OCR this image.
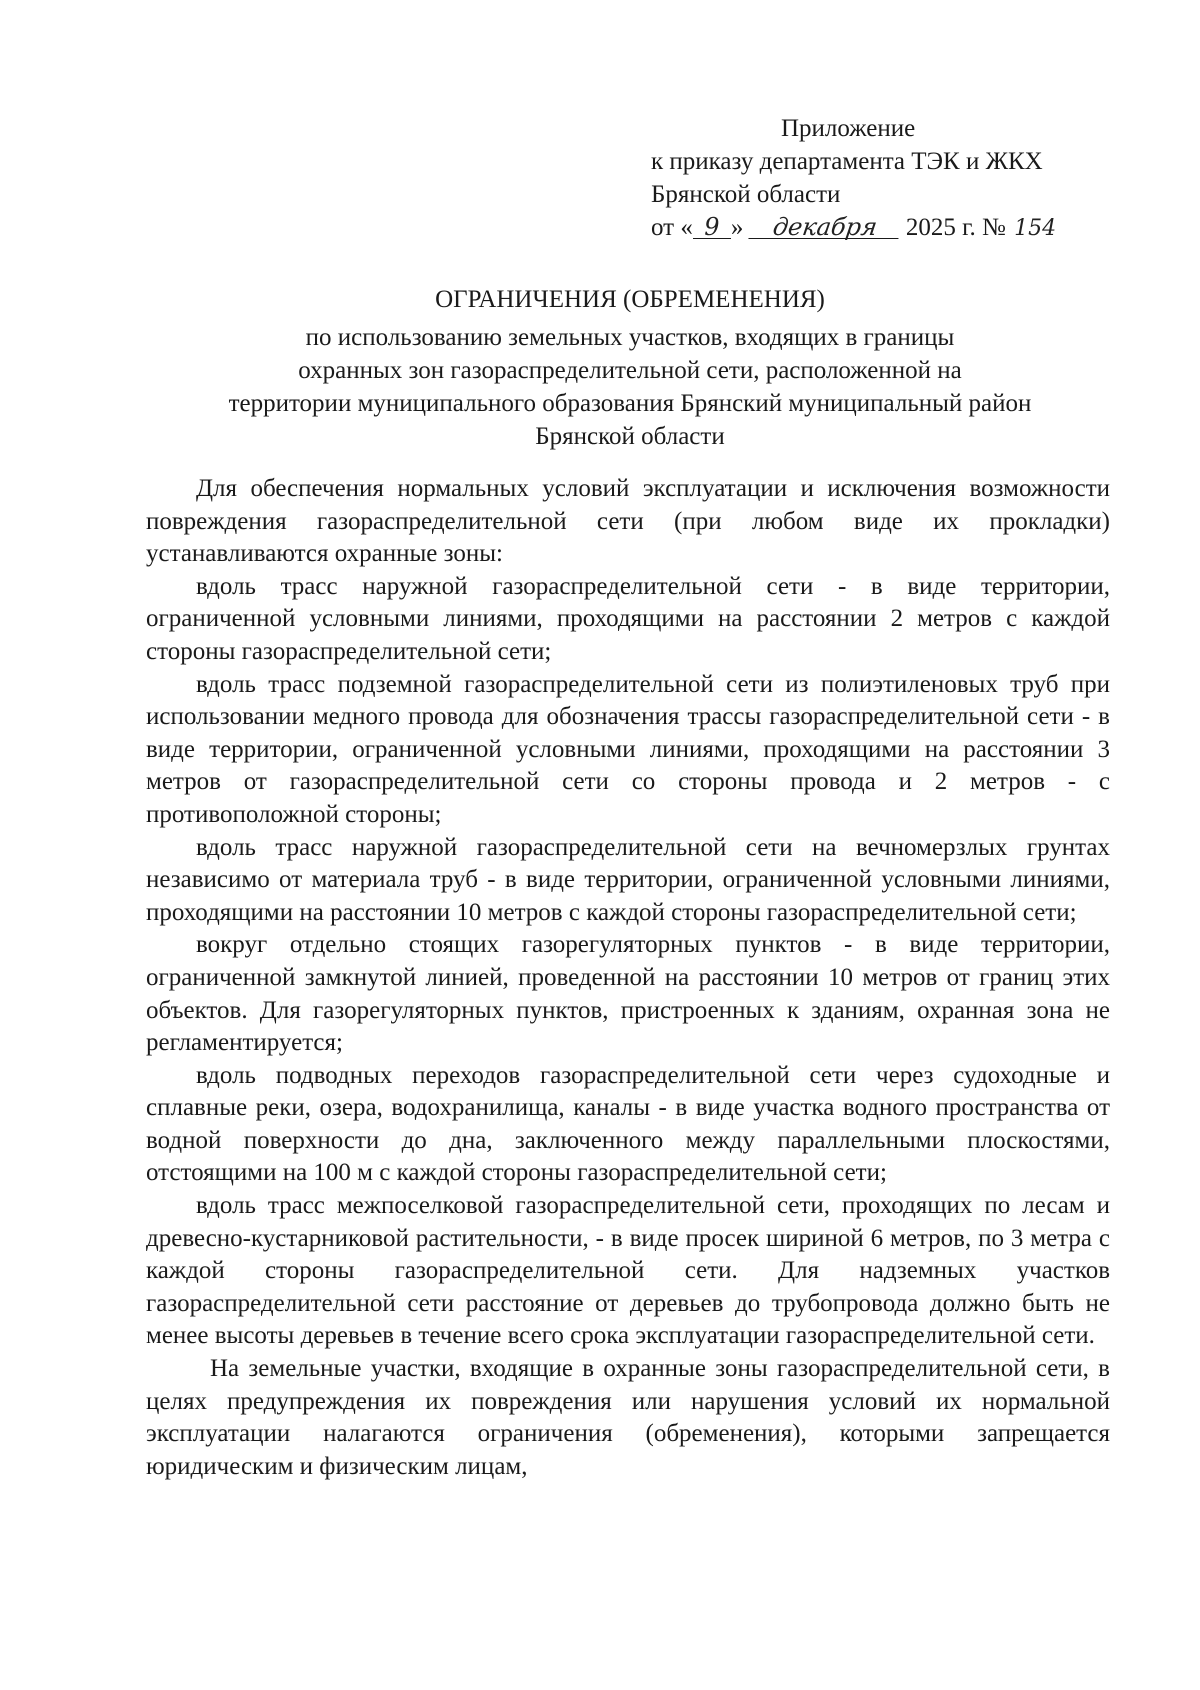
Приложение
к приказу департамента ТЭК и ЖКХ
Брянской области
от « 9 » декабря 2025 г. № 154
ОГРАНИЧЕНИЯ (ОБРЕМЕНЕНИЯ)
по использованию земельных участков, входящих в границы
охранных зон газораспределительной сети, расположенной на
территории муниципального образования Брянский муниципальный район
Брянской области

Для обеспечения нормальных условий эксплуатации и исключения возможности повреждения газораспределительной сети (при любом виде их прокладки) устанавливаются охранные зоны:

вдоль трасс наружной газораспределительной сети - в виде территории, ограниченной условными линиями, проходящими на расстоянии 2 метров с каждой стороны газораспределительной сети;

вдоль трасс подземной газораспределительной сети из полиэтиленовых труб при использовании медного провода для обозначения трассы газораспределительной сети - в виде территории, ограниченной условными линиями, проходящими на расстоянии 3 метров от газораспределительной сети со стороны провода и 2 метров - с противоположной стороны;

вдоль трасс наружной газораспределительной сети на вечномерзлых грунтах независимо от материала труб - в виде территории, ограниченной условными линиями, проходящими на расстоянии 10 метров с каждой стороны газораспределительной сети;

вокруг отдельно стоящих газорегуляторных пунктов - в виде территории, ограниченной замкнутой линией, проведенной на расстоянии 10 метров от границ этих объектов. Для газорегуляторных пунктов, пристроенных к зданиям, охранная зона не регламентируется;

вдоль подводных переходов газораспределительной сети через судоходные и сплавные реки, озера, водохранилища, каналы - в виде участка водного пространства от водной поверхности до дна, заключенного между параллельными плоскостями, отстоящими на 100 м с каждой стороны газораспределительной сети;

вдоль трасс межпоселковой газораспределительной сети, проходящих по лесам и древесно-кустарниковой растительности, - в виде просек шириной 6 метров, по 3 метра с каждой стороны газораспределительной сети. Для надземных участков газораспределительной сети расстояние от деревьев до трубопровода должно быть не менее высоты деревьев в течение всего срока эксплуатации газораспределительной сети.

На земельные участки, входящие в охранные зоны газораспределительной сети, в целях предупреждения их повреждения или нарушения условий их нормальной эксплуатации налагаются ограничения (обременения), которыми запрещается юридическим и физическим лицам,
